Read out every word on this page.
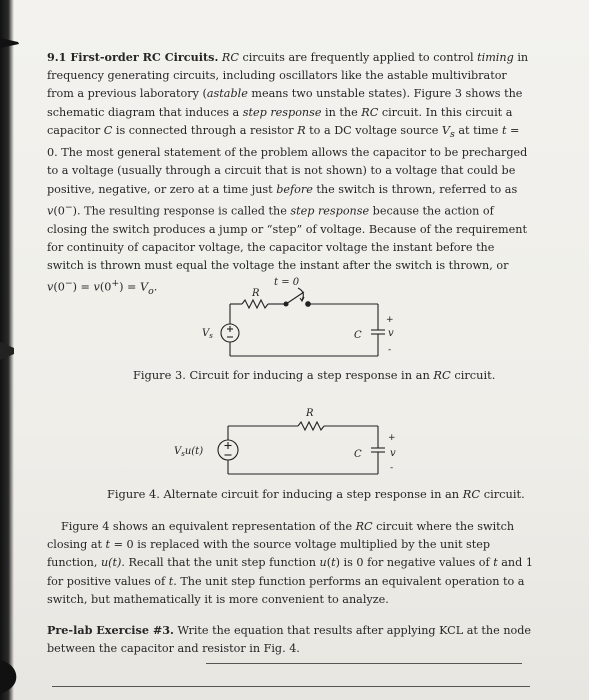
9.1 First-order RC Circuits. RC circuits are frequently applied to control timing in frequency generating circuits, including oscillators like the astable multivibrator from a previous laboratory (astable means two unstable states). Figure 3 shows the schematic diagram that induces a step response in the RC circuit. In this circuit a capacitor C is connected through a resistor R to a DC voltage source $V_s$ at time t = 0. The most general statement of the problem allows the capacitor to be precharged to a voltage (usually through a circuit that is not shown) to a voltage that could be positive, negative, or zero at a time just before the switch is thrown, referred to as v(0−). The resulting response is called the step response because the action of closing the switch produces a jump or “step” of voltage. Because of the requirement for continuity of capacitor voltage, the capacitor voltage the instant before the switch is thrown must equal the voltage the instant after the switch is thrown, or $v(0^-) = v(0^+) = V_o$.	t = 0
R
$V_s$	C	v
+
-
Figure 3. Circuit for inducing a step response in an RC circuit.
R
$V_su(t)$	C	v
+
-
Figure 4. Alternate circuit for inducing a step response in an RC circuit.
Figure 4 shows an equivalent representation of the RC circuit where the switch closing at t = 0 is replaced with the source voltage multiplied by the unit step function, u(t). Recall that the unit step function u(t) is 0 for negative values of t and 1 for positive values of t. The unit step function performs an equivalent operation to a switch, but mathematically it is more convenient to analyze.
Pre-lab Exercise #3. Write the equation that results after applying KCL at the node between the capacitor and resistor in Fig. 4.
